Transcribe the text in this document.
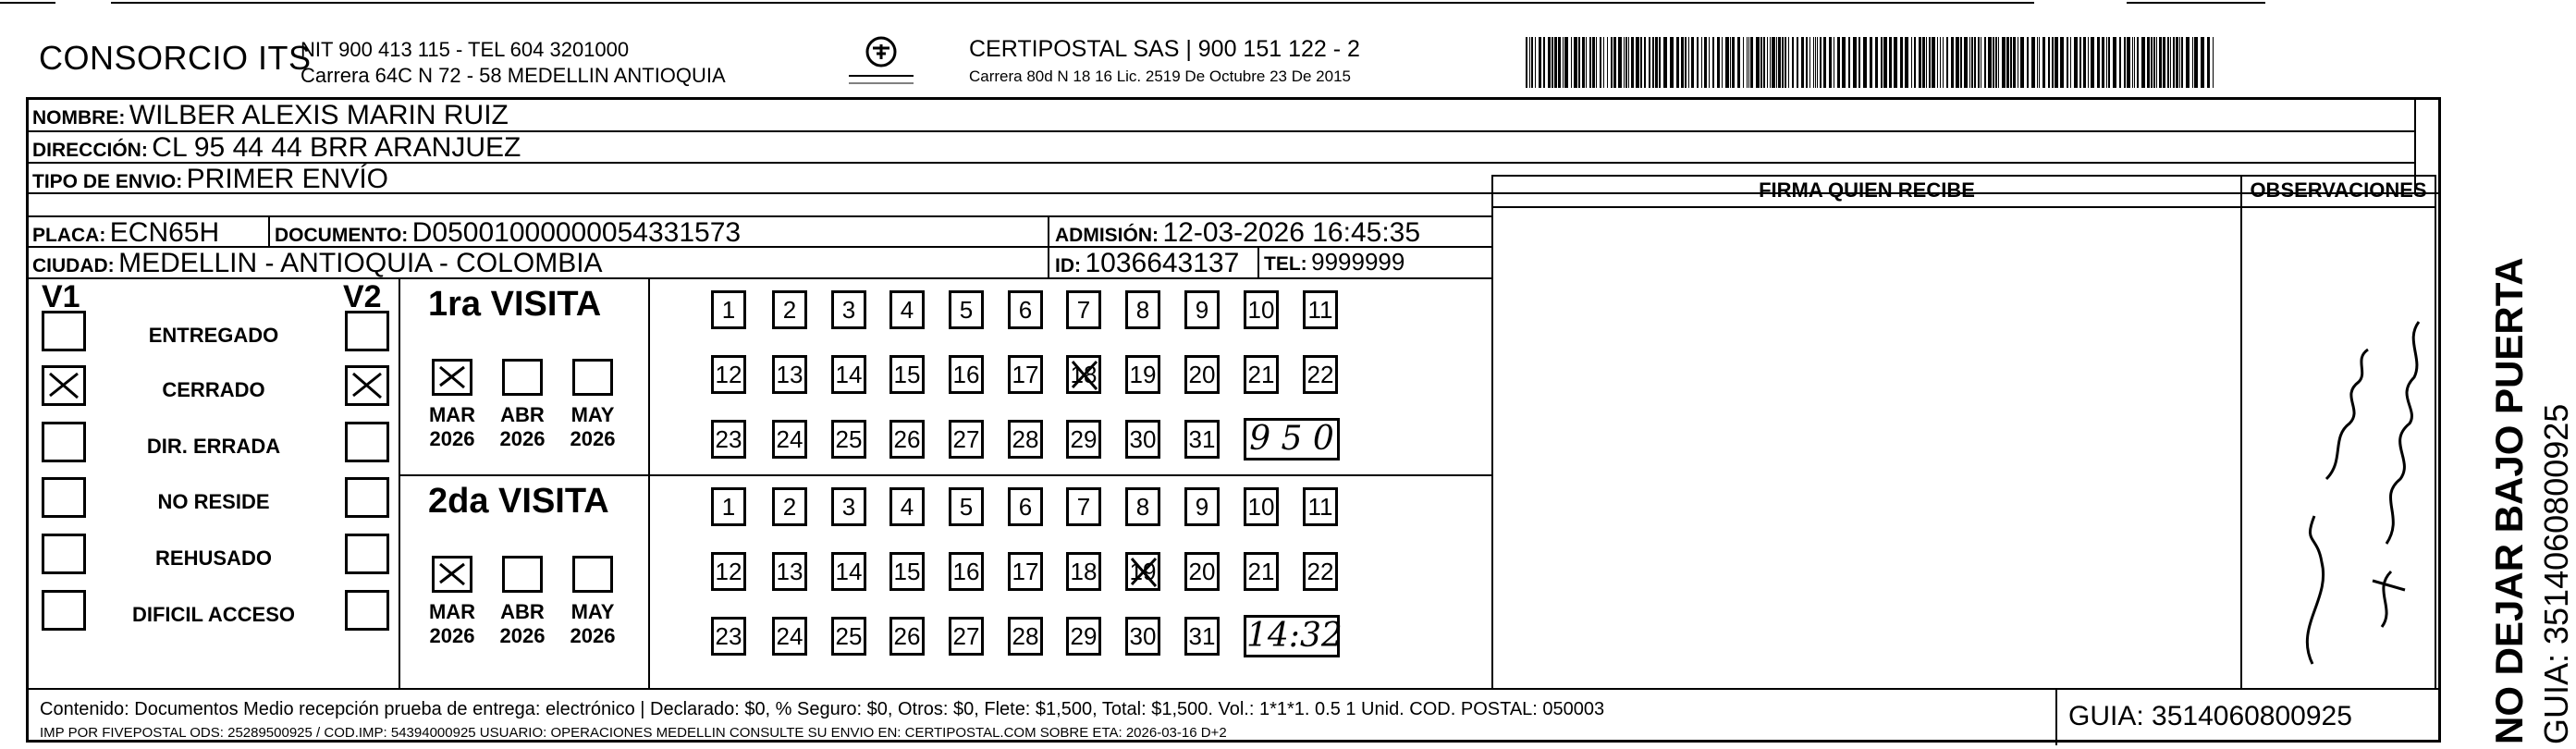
CONSORCIO ITS
NIT 900 413 115 - TEL 604 3201000
Carrera 64C N 72 - 58 MEDELLIN ANTIOQUIA
CERTIPOSTAL SAS | 900 151 122 - 2
Carrera 80d N 18 16 Lic. 2519 De Octubre 23 De 2015
NOMBRE: WILBER ALEXIS MARIN RUIZ
DIRECCIÓN: CL 95 44 44 BRR ARANJUEZ
TIPO DE ENVIO: PRIMER ENVÍO
PLACA: ECN65H	DOCUMENTO: D05001000000054331573	ADMISIÓN: 12-03-2026 16:45:35
CIUDAD: MEDELLIN - ANTIOQUIA - COLOMBIA	ID: 1036643137 TEL: 9999999
FIRMA QUIEN RECIBE	OBSERVACIONES
V1	V2
ENTREGADO
CERRADO
DIR. ERRADA
NO RESIDE
REHUSADO
DIFICIL ACCESO
1ra VISITA
MAR
2026
ABR
2026
MAY
2026
1	2	3	4	5	6	7	8	9	10 11
12 13 14 15 16 17 18 19 20 21 22
23 24 25 26 27 28 29 30 31 9 5 0
2da VISITA
MAR
2026
ABR
2026
MAY
2026
1	2	3	4	5	6	7	8	9	10 11
12 13 14 15 16 17 18 19 20 21 22
23 24 25 26 27 28 29 30 31 14:32
Contenido: Documentos Medio recepción prueba de entrega: electrónico | Declarado: $0, % Seguro: $0, Otros: $0, Flete: $1,500, Total: $1,500. Vol.: 1*1*1. 0.5 1 Unid. COD. POSTAL: 050003
IMP POR FIVEPOSTAL ODS: 25289500925 / COD.IMP: 54394000925 USUARIO: OPERACIONES MEDELLIN CONSULTE SU ENVIO EN: CERTIPOSTAL.COM SOBRE ETA: 2026-03-16 D+2
GUIA: 3514060800925	NO DEJAR BAJO PUERTA GUIA: 3514060800925
